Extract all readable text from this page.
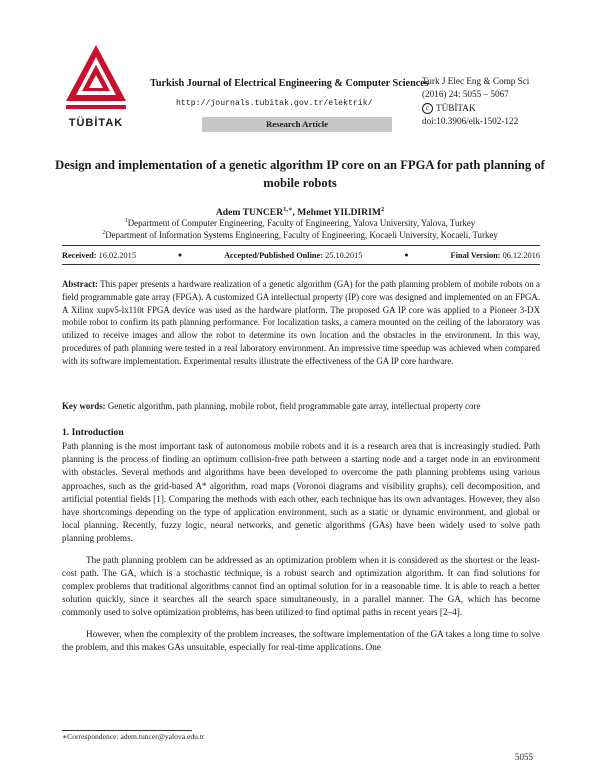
TÜBİTAK
Turkish Journal of Electrical Engineering & Computer Sciences
http://journals.tubitak.gov.tr/elektrik/
Research Article
Turk J Elec Eng & Comp Sci
(2016) 24: 5055 – 5067
c TÜBİTAK
doi:10.3906/elk-1502-122
Design and implementation of a genetic algorithm IP core on an FPGA for path planning of mobile robots
Adem $TUNCER^{1,∗}$, Mehmet YILDIRIM$^2$
$^1$Department of Computer Engineering, Faculty of Engineering, Yalova University, Yalova, Turkey
$^2$Department of Information Systems Engineering, Faculty of Engineering, Kocaeli University, Kocaeli, Turkey
Received: 16.02.2015	●	Accepted/Published Online: 25.10.2015	●	Final Version: 06.12.2016
Abstract: This paper presents a hardware realization of a genetic algorithm (GA) for the path planning problem of mobile robots on a field programmable gate array (FPGA). A customized GA intellectual property (IP) core was designed and implemented on an FPGA. A Xilinx xupv5-lx110t FPGA device was used as the hardware platform. The proposed GA IP core was applied to a Pioneer 3-DX mobile robot to confirm its path planning performance. For localization tasks, a camera mounted on the ceiling of the laboratory was utilized to receive images and allow the robot to determine its own location and the obstacles in the environment. In this way, procedures of path planning were tested in a real laboratory environment. An impressive time speedup was achieved when compared with its software implementation. Experimental results illustrate the effectiveness of the GA IP core hardware.
Key words: Genetic algorithm, path planning, mobile robot, field programmable gate array, intellectual property core
1. Introduction

Path planning is the most important task of autonomous mobile robots and it is a research area that is increasingly studied. Path planning is the process of finding an optimum collision-free path between a starting node and a target node in an environment with obstacles. Several methods and algorithms have been developed to overcome the path planning problems using various approaches, such as the grid-based A* algorithm, road maps (Voronoi diagrams and visibility graphs), cell decomposition, and artificial potential fields [1]. Comparing the methods with each other, each technique has its own advantages. However, they also have shortcomings depending on the type of application environment, such as a static or dynamic environment, and global or local planning. Recently, fuzzy logic, neural networks, and genetic algorithms (GAs) have been widely used to solve path planning problems.

The path planning problem can be addressed as an optimization problem when it is considered as the shortest or the least-cost path. The GA, which is a stochastic technique, is a robust search and optimization algorithm. It can find solutions for complex problems that traditional algorithms cannot find an optimal solution for in a reasonable time. It is able to reach a better solution quickly, since it searches all the search space simultaneously, in a parallel manner. The GA, which has become commonly used to solve optimization problems, has been utilized to find optimal paths in recent years [2–4].

However, when the complexity of the problem increases, the software implementation of the GA takes a long time to solve the problem, and this makes GAs unsuitable, especially for real-time applications. One

∗Correspondence: adem.tuncer@yalova.edu.tr
5055
